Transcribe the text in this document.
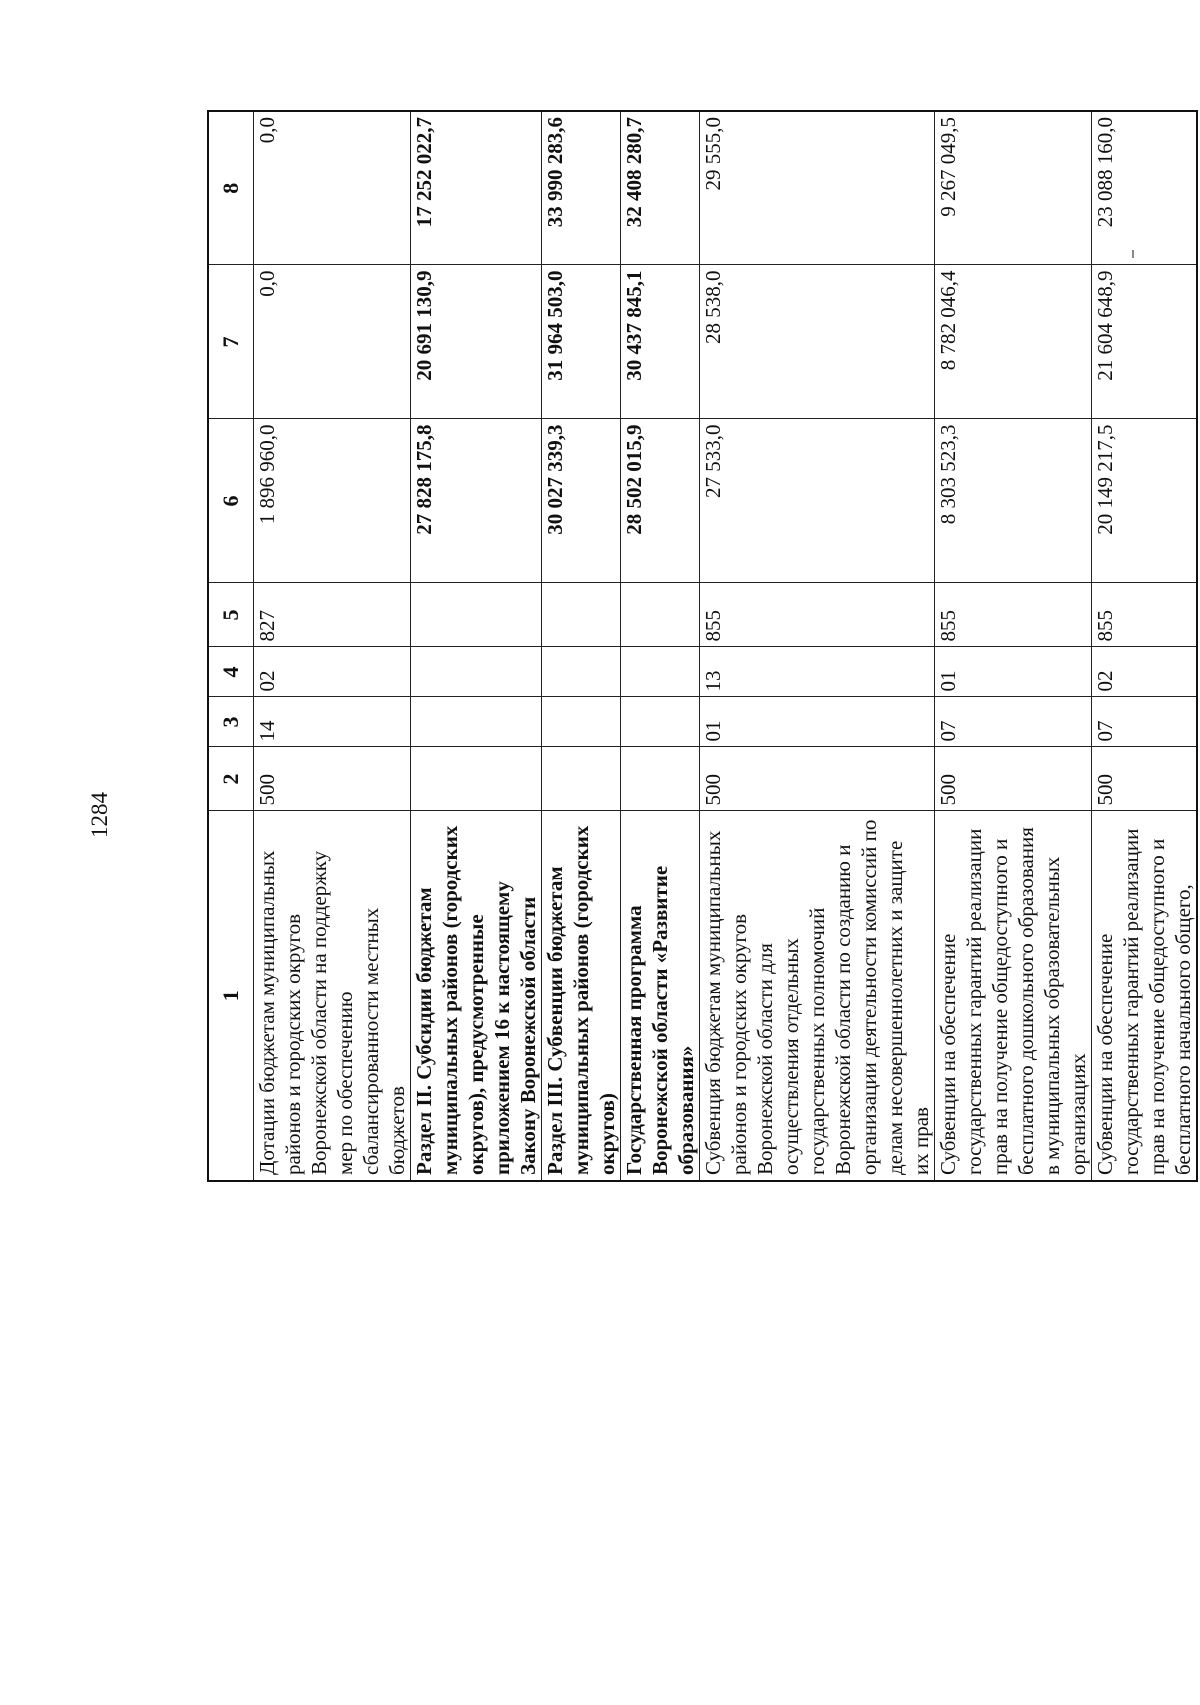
1284
1	2	3	4	5	6	7	8
Дотации бюджетам муниципальных районов и городских округов Воронежской области на поддержку мер по обеспечению сбалансированности местных бюджетов	500	14	02	827	1 896 960,0	0,0	0,0
Раздел II. Субсидии бюджетам муниципальных районов (городских округов), предусмотренные приложением 16 к настоящему Закону Воронежской области					27 828 175,8	20 691 130,9	17 252 022,7
Раздел III. Субвенции бюджетам муниципальных районов (городских округов)					30 027 339,3	31 964 503,0	33 990 283,6
Государственная программа Воронежской области «Развитие образования»					28 502 015,9	30 437 845,1	32 408 280,7
Субвенция бюджетам муниципальных районов и городских округов Воронежской области для осуществления отдельных государственных полномочий Воронежской области по созданию и организации деятельности комиссий по делам несовершеннолетних и защите их прав	500	01	13	855	27 533,0	28 538,0	29 555,0
Субвенции на обеспечение государственных гарантий реализации прав на получение общедоступного и бесплатного дошкольного образования в муниципальных образовательных организациях	500	07	01	855	8 303 523,3	8 782 046,4	9 267 049,5
Субвенции на обеспечение государственных гарантий реализации прав на получение общедоступного и бесплатного начального общего,	500	07	02	855	20 149 217,5	21 604 648,9	23 088 160,0
